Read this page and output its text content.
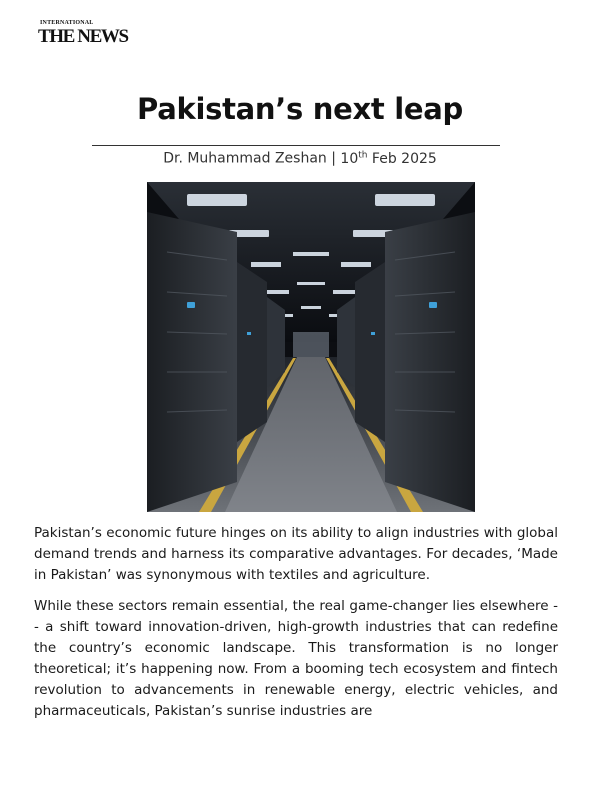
INTERNATIONAL
THE NEWS
Pakistan’s next leap
Dr. Muhammad Zeshan | 10th Feb 2025

Pakistan’s economic future hinges on its ability to align industries with global demand trends and harness its comparative advantages. For decades, ‘Made in Pakistan’ was synonymous with textiles and agriculture.

While these sectors remain essential, the real game-changer lies elsewhere -- a shift toward innovation-driven, high-growth industries that can redefine the country’s economic landscape. This transformation is no longer theoretical; it’s happening now. From a booming tech ecosystem and fintech revolution to advancements in renewable energy, electric vehicles, and pharmaceuticals, Pakistan’s sunrise industries are
